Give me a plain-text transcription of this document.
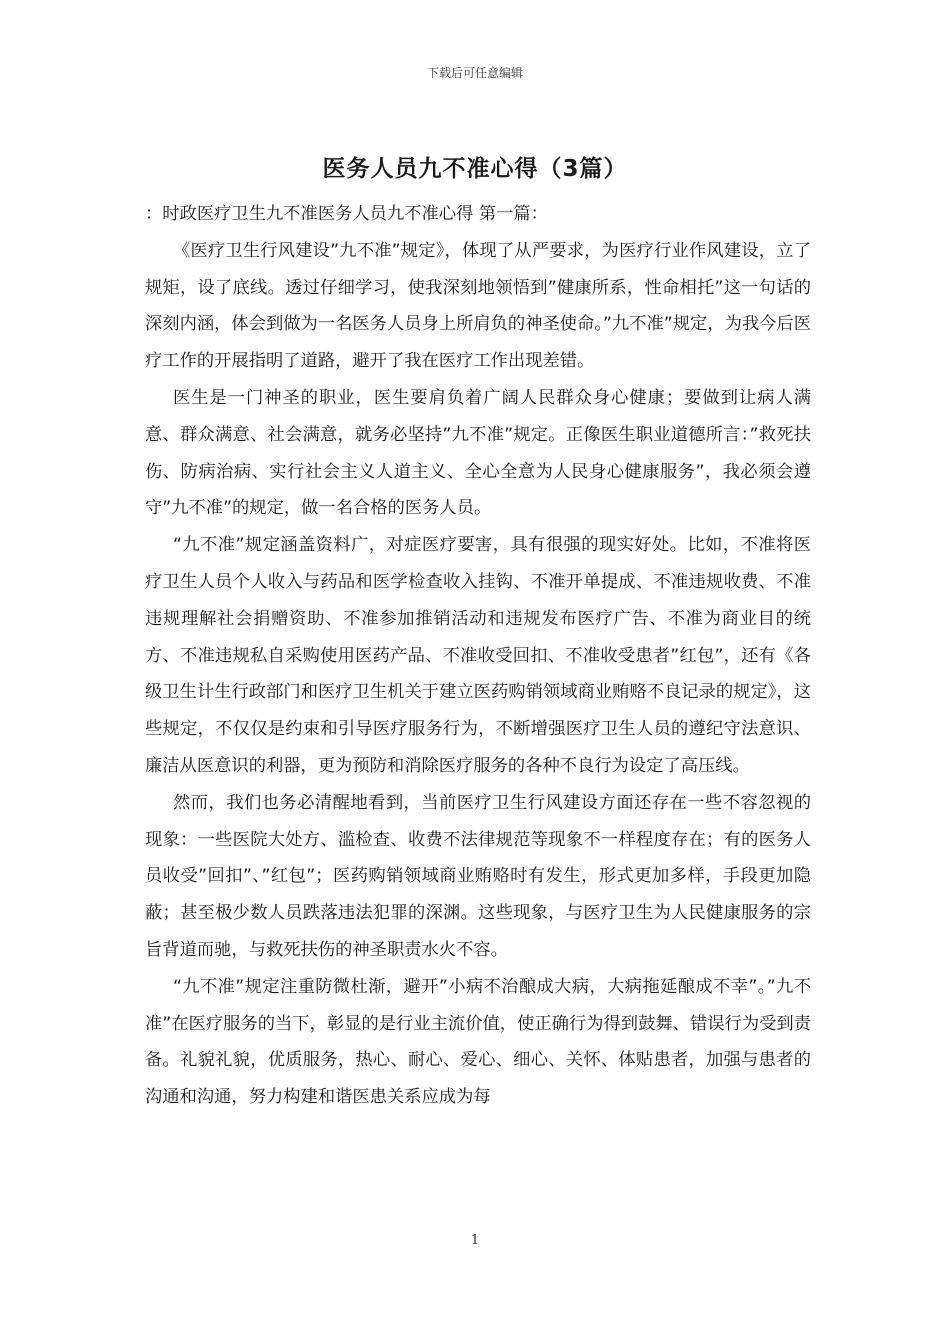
下载后可任意编辑
医务人员九不准心得（3篇）

：时政医疗卫生九不准医务人员九不准心得 第一篇：

《医疗卫生行风建设”九不准”规定》，体现了从严要求，为医疗行业作风建设，立了规矩，设了底线。透过仔细学习，使我深刻地领悟到”健康所系，性命相托”这一句话的深刻内涵，体会到做为一名医务人员身上所肩负的神圣使命。”九不准”规定，为我今后医疗工作的开展指明了道路，避开了我在医疗工作出现差错。

医生是一门神圣的职业，医生要肩负着广阔人民群众身心健康；要做到让病人满意、群众满意、社会满意，就务必坚持”九不准”规定。正像医生职业道德所言：”救死扶伤、防病治病、实行社会主义人道主义、全心全意为人民身心健康服务”，我必须会遵守”九不准”的规定，做一名合格的医务人员。

“九不准”规定涵盖资料广，对症医疗要害，具有很强的现实好处。比如，不准将医疗卫生人员个人收入与药品和医学检查收入挂钩、不准开单提成、不准违规收费、不准违规理解社会捐赠资助、不准参加推销活动和违规发布医疗广告、不准为商业目的统方、不准违规私自采购使用医药产品、不准收受回扣、不准收受患者”红包”，还有《各级卫生计生行政部门和医疗卫生机关于建立医药购销领域商业贿赂不良记录的规定》，这些规定，不仅仅是约束和引导医疗服务行为，不断增强医疗卫生人员的遵纪守法意识、廉洁从医意识的利器，更为预防和消除医疗服务的各种不良行为设定了高压线。

然而，我们也务必清醒地看到，当前医疗卫生行风建设方面还存在一些不容忽视的现象：一些医院大处方、滥检查、收费不法律规范等现象不一样程度存在；有的医务人员收受”回扣”、”红包”；医药购销领域商业贿赂时有发生，形式更加多样，手段更加隐蔽；甚至极少数人员跌落违法犯罪的深渊。这些现象，与医疗卫生为人民健康服务的宗旨背道而驰，与救死扶伤的神圣职责水火不容。

“九不准”规定注重防微杜渐，避开”小病不治酿成大病，大病拖延酿成不幸”。”九不准”在医疗服务的当下，彰显的是行业主流价值，使正确行为得到鼓舞、错误行为受到责备。礼貌礼貌，优质服务，热心、耐心、爱心、细心、关怀、体贴患者，加强与患者的沟通和沟通，努力构建和谐医患关系应成为每

1
